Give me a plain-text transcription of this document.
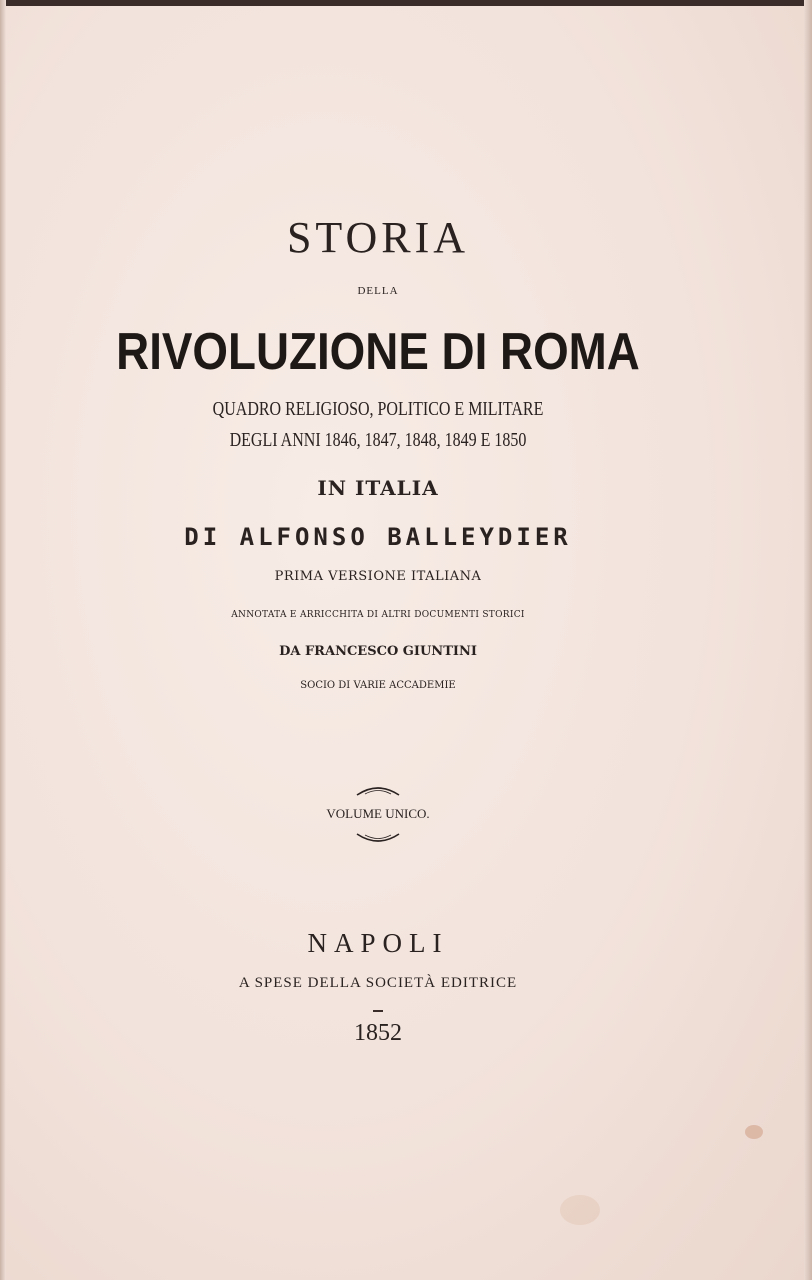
STORIA
DELLA
RIVOLUZIONE DI ROMA
QUADRO RELIGIOSO, POLITICO E MILITARE
DEGLI ANNI 1846, 1847, 1848, 1849 E 1850
IN ITALIA
DI ALFONSO BALLEYDIER
PRIMA VERSIONE ITALIANA
ANNOTATA E ARRICCHITA DI ALTRI DOCUMENTI STORICI
DA FRANCESCO GIUNTINI
SOCIO DI VARIE ACCADEMIE
VOLUME UNICO.
NAPOLI
A SPESE DELLA SOCIETÀ EDITRICE
1852
